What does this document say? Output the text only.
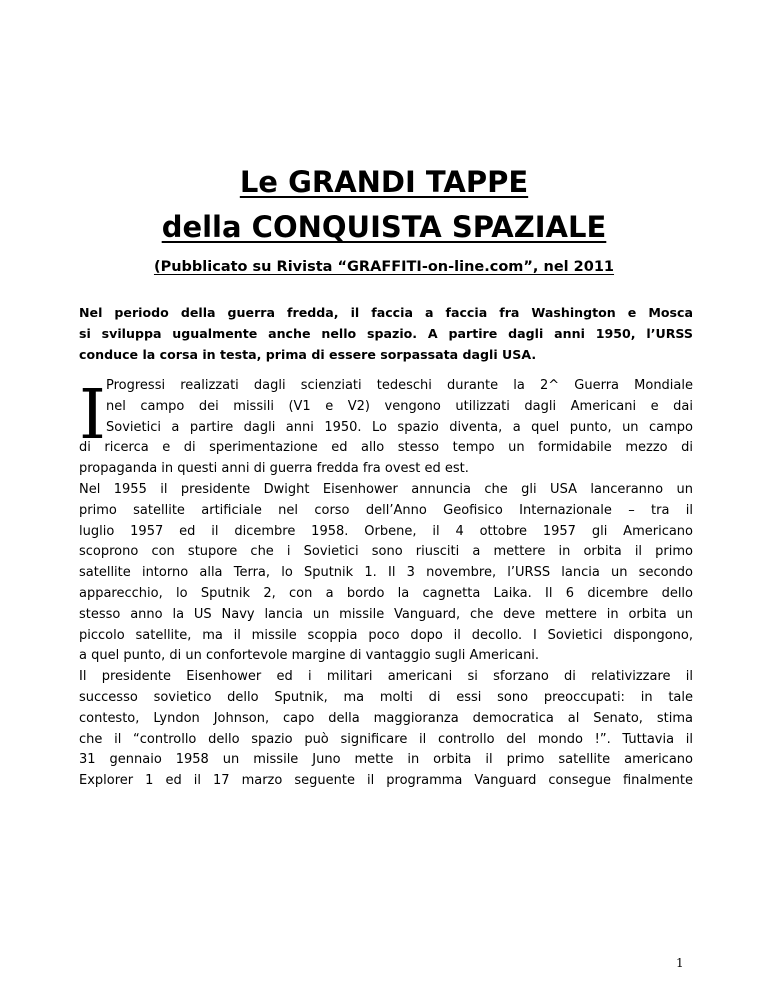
Le GRANDI TAPPE
della CONQUISTA SPAZIALE
(Pubblicato su Rivista “GRAFFITI-on-line.com”, nel 2011
Nel periodo della guerra fredda, il faccia a faccia fra Washington e Mosca
si sviluppa ugualmente anche nello spazio. A partire dagli anni 1950, l’URSS
conduce la corsa in testa, prima di essere sorpassata dagli USA.
I Progressi realizzati dagli scienziati tedeschi durante la 2^ Guerra Mondiale
nel campo dei missili (V1 e V2) vengono utilizzati dagli Americani e dai
Sovietici a partire dagli anni 1950. Lo spazio diventa, a quel punto, un campo
di ricerca e di sperimentazione ed allo stesso tempo un formidabile mezzo di
propaganda in questi anni di guerra fredda fra ovest ed est.
Nel 1955 il presidente Dwight Eisenhower annuncia che gli USA lanceranno un
primo satellite artificiale nel corso dell’Anno Geofisico Internazionale – tra il
luglio 1957 ed il dicembre 1958. Orbene, il 4 ottobre 1957 gli Americano
scoprono con stupore che i Sovietici sono riusciti a mettere in orbita il primo
satellite intorno alla Terra, lo Sputnik 1. Il 3 novembre, l’URSS lancia un secondo
apparecchio, lo Sputnik 2, con a bordo la cagnetta Laika. Il 6 dicembre dello
stesso anno la US Navy lancia un missile Vanguard, che deve mettere in orbita un
piccolo satellite, ma il missile scoppia poco dopo il decollo. I Sovietici dispongono,
a quel punto, di un confortevole margine di vantaggio sugli Americani.
Il presidente Eisenhower ed i militari americani si sforzano di relativizzare il
successo sovietico dello Sputnik, ma molti di essi sono preoccupati: in tale
contesto, Lyndon Johnson, capo della maggioranza democratica al Senato, stima
che il “controllo dello spazio può significare il controllo del mondo !”. Tuttavia il
31 gennaio 1958 un missile Juno mette in orbita il primo satellite americano
Explorer 1 ed il 17 marzo seguente il programma Vanguard consegue finalmente
1
